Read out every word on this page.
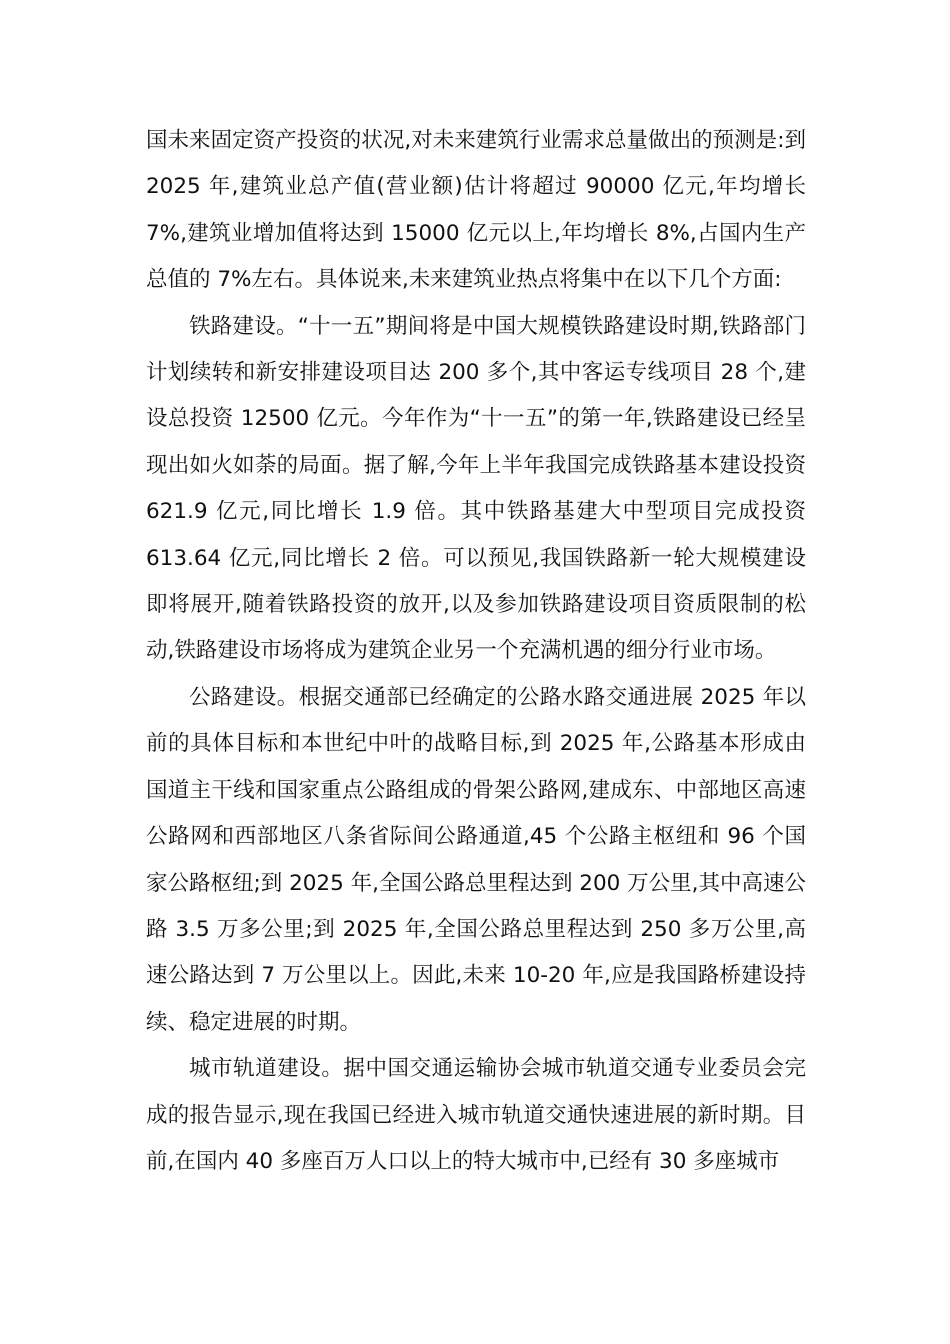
国未来固定资产投资的状况,对未来建筑行业需求总量做出的预测是:到 2025 年,建筑业总产值(营业额)估计将超过 90000 亿元,年均增长 7%,建筑业增加值将达到 15000 亿元以上,年均增长 8%,占国内生产总值的 7%左右。具体说来,未来建筑业热点将集中在以下几个方面:

铁路建设。“十一五”期间将是中国大规模铁路建设时期,铁路部门计划续转和新安排建设项目达 200 多个,其中客运专线项目 28 个,建设总投资 12500 亿元。今年作为“十一五”的第一年,铁路建设已经呈现出如火如荼的局面。据了解,今年上半年我国完成铁路基本建设投资 621.9 亿元,同比增长 1.9 倍。其中铁路基建大中型项目完成投资 613.64 亿元,同比增长 2 倍。可以预见,我国铁路新一轮大规模建设即将展开,随着铁路投资的放开,以及参加铁路建设项目资质限制的松动,铁路建设市场将成为建筑企业另一个充满机遇的细分行业市场。

公路建设。根据交通部已经确定的公路水路交通进展 2025 年以前的具体目标和本世纪中叶的战略目标,到 2025 年,公路基本形成由国道主干线和国家重点公路组成的骨架公路网,建成东、中部地区高速公路网和西部地区八条省际间公路通道,45 个公路主枢纽和 96 个国家公路枢纽;到 2025 年,全国公路总里程达到 200 万公里,其中高速公路 3.5 万多公里;到 2025 年,全国公路总里程达到 250 多万公里,高速公路达到 7 万公里以上。因此,未来 10-20 年,应是我国路桥建设持续、稳定进展的时期。

城市轨道建设。据中国交通运输协会城市轨道交通专业委员会完成的报告显示,现在我国已经进入城市轨道交通快速进展的新时期。目前,在国内 40 多座百万人口以上的特大城市中,已经有 30 多座城市
